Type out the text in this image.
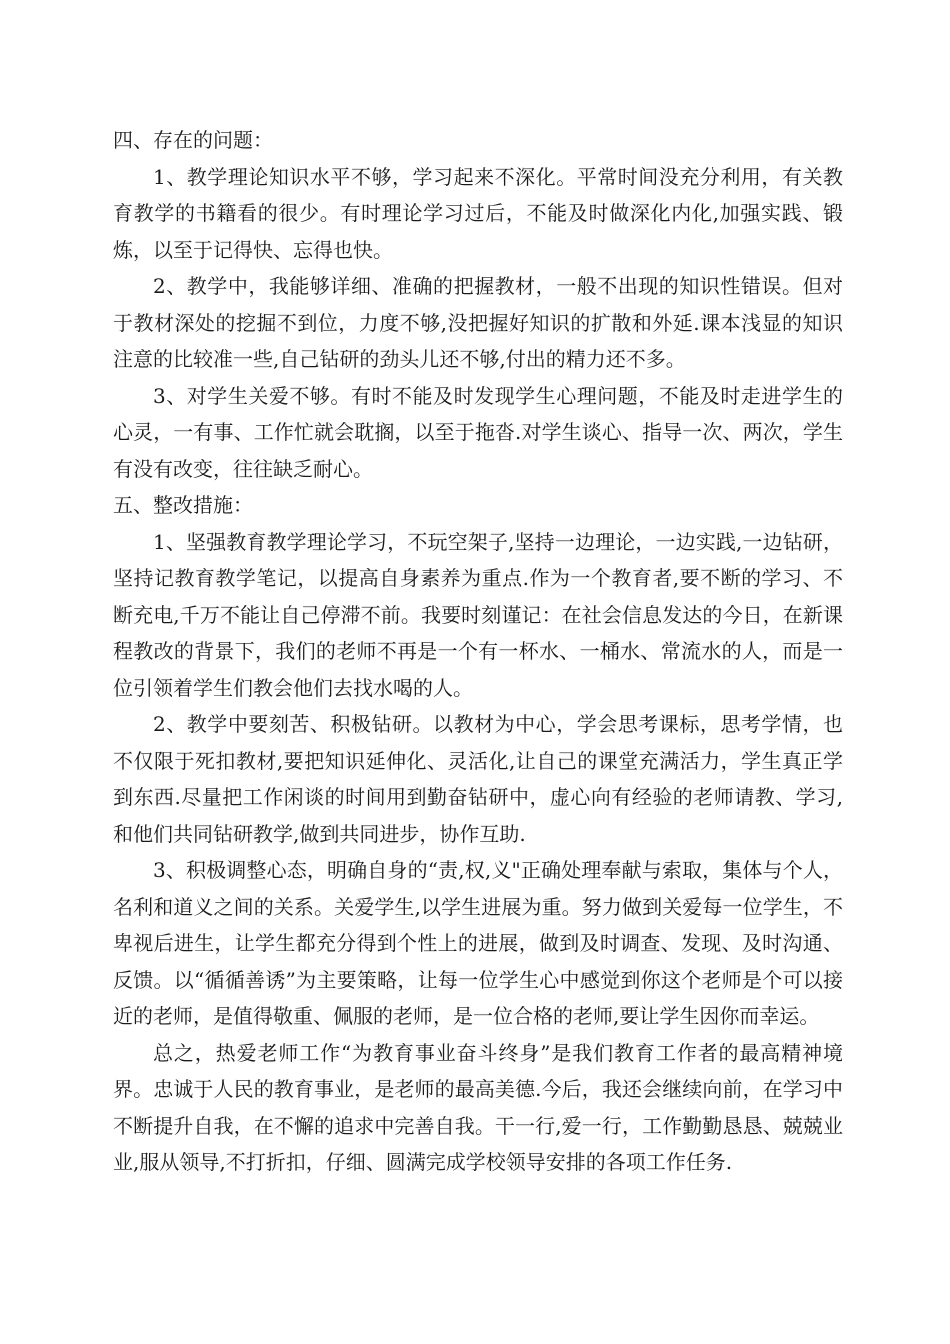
四、存在的问题：

1、教学理论知识水平不够，学习起来不深化。平常时间没充分利用，有关教育教学的书籍看的很少。有时理论学习过后，不能及时做深化内化,加强实践、锻炼，以至于记得快、忘得也快。

2、教学中，我能够详细、准确的把握教材，一般不出现的知识性错误。但对于教材深处的挖掘不到位，力度不够,没把握好知识的扩散和外延.课本浅显的知识注意的比较准一些,自己钻研的劲头儿还不够,付出的精力还不多。

3、对学生关爱不够。有时不能及时发现学生心理问题，不能及时走进学生的心灵，一有事、工作忙就会耽搁，以至于拖沓.对学生谈心、指导一次、两次，学生有没有改变，往往缺乏耐心。

五、整改措施：

1、坚强教育教学理论学习，不玩空架子,坚持一边理论，一边实践,一边钻研，坚持记教育教学笔记，以提高自身素养为重点.作为一个教育者,要不断的学习、不断充电,千万不能让自己停滞不前。我要时刻谨记：在社会信息发达的今日，在新课程教改的背景下，我们的老师不再是一个有一杯水、一桶水、常流水的人，而是一位引领着学生们教会他们去找水喝的人。

2、教学中要刻苦、积极钻研。以教材为中心，学会思考课标，思考学情，也不仅限于死扣教材,要把知识延伸化、灵活化,让自己的课堂充满活力，学生真正学到东西.尽量把工作闲谈的时间用到勤奋钻研中，虚心向有经验的老师请教、学习,和他们共同钻研教学,做到共同进步，协作互助.

3、积极调整心态，明确自身的“责,权,义"正确处理奉献与索取，集体与个人，名利和道义之间的关系。关爱学生,以学生进展为重。努力做到关爱每一位学生，不卑视后进生，让学生都充分得到个性上的进展，做到及时调查、发现、及时沟通、反馈。以“循循善诱”为主要策略，让每一位学生心中感觉到你这个老师是个可以接近的老师，是值得敬重、佩服的老师，是一位合格的老师,要让学生因你而幸运。

总之，热爱老师工作“为教育事业奋斗终身”是我们教育工作者的最高精神境界。忠诚于人民的教育事业，是老师的最高美德.今后，我还会继续向前，在学习中不断提升自我，在不懈的追求中完善自我。干一行,爱一行，工作勤勤恳恳、兢兢业业,服从领导,不打折扣，仔细、圆满完成学校领导安排的各项工作任务.
